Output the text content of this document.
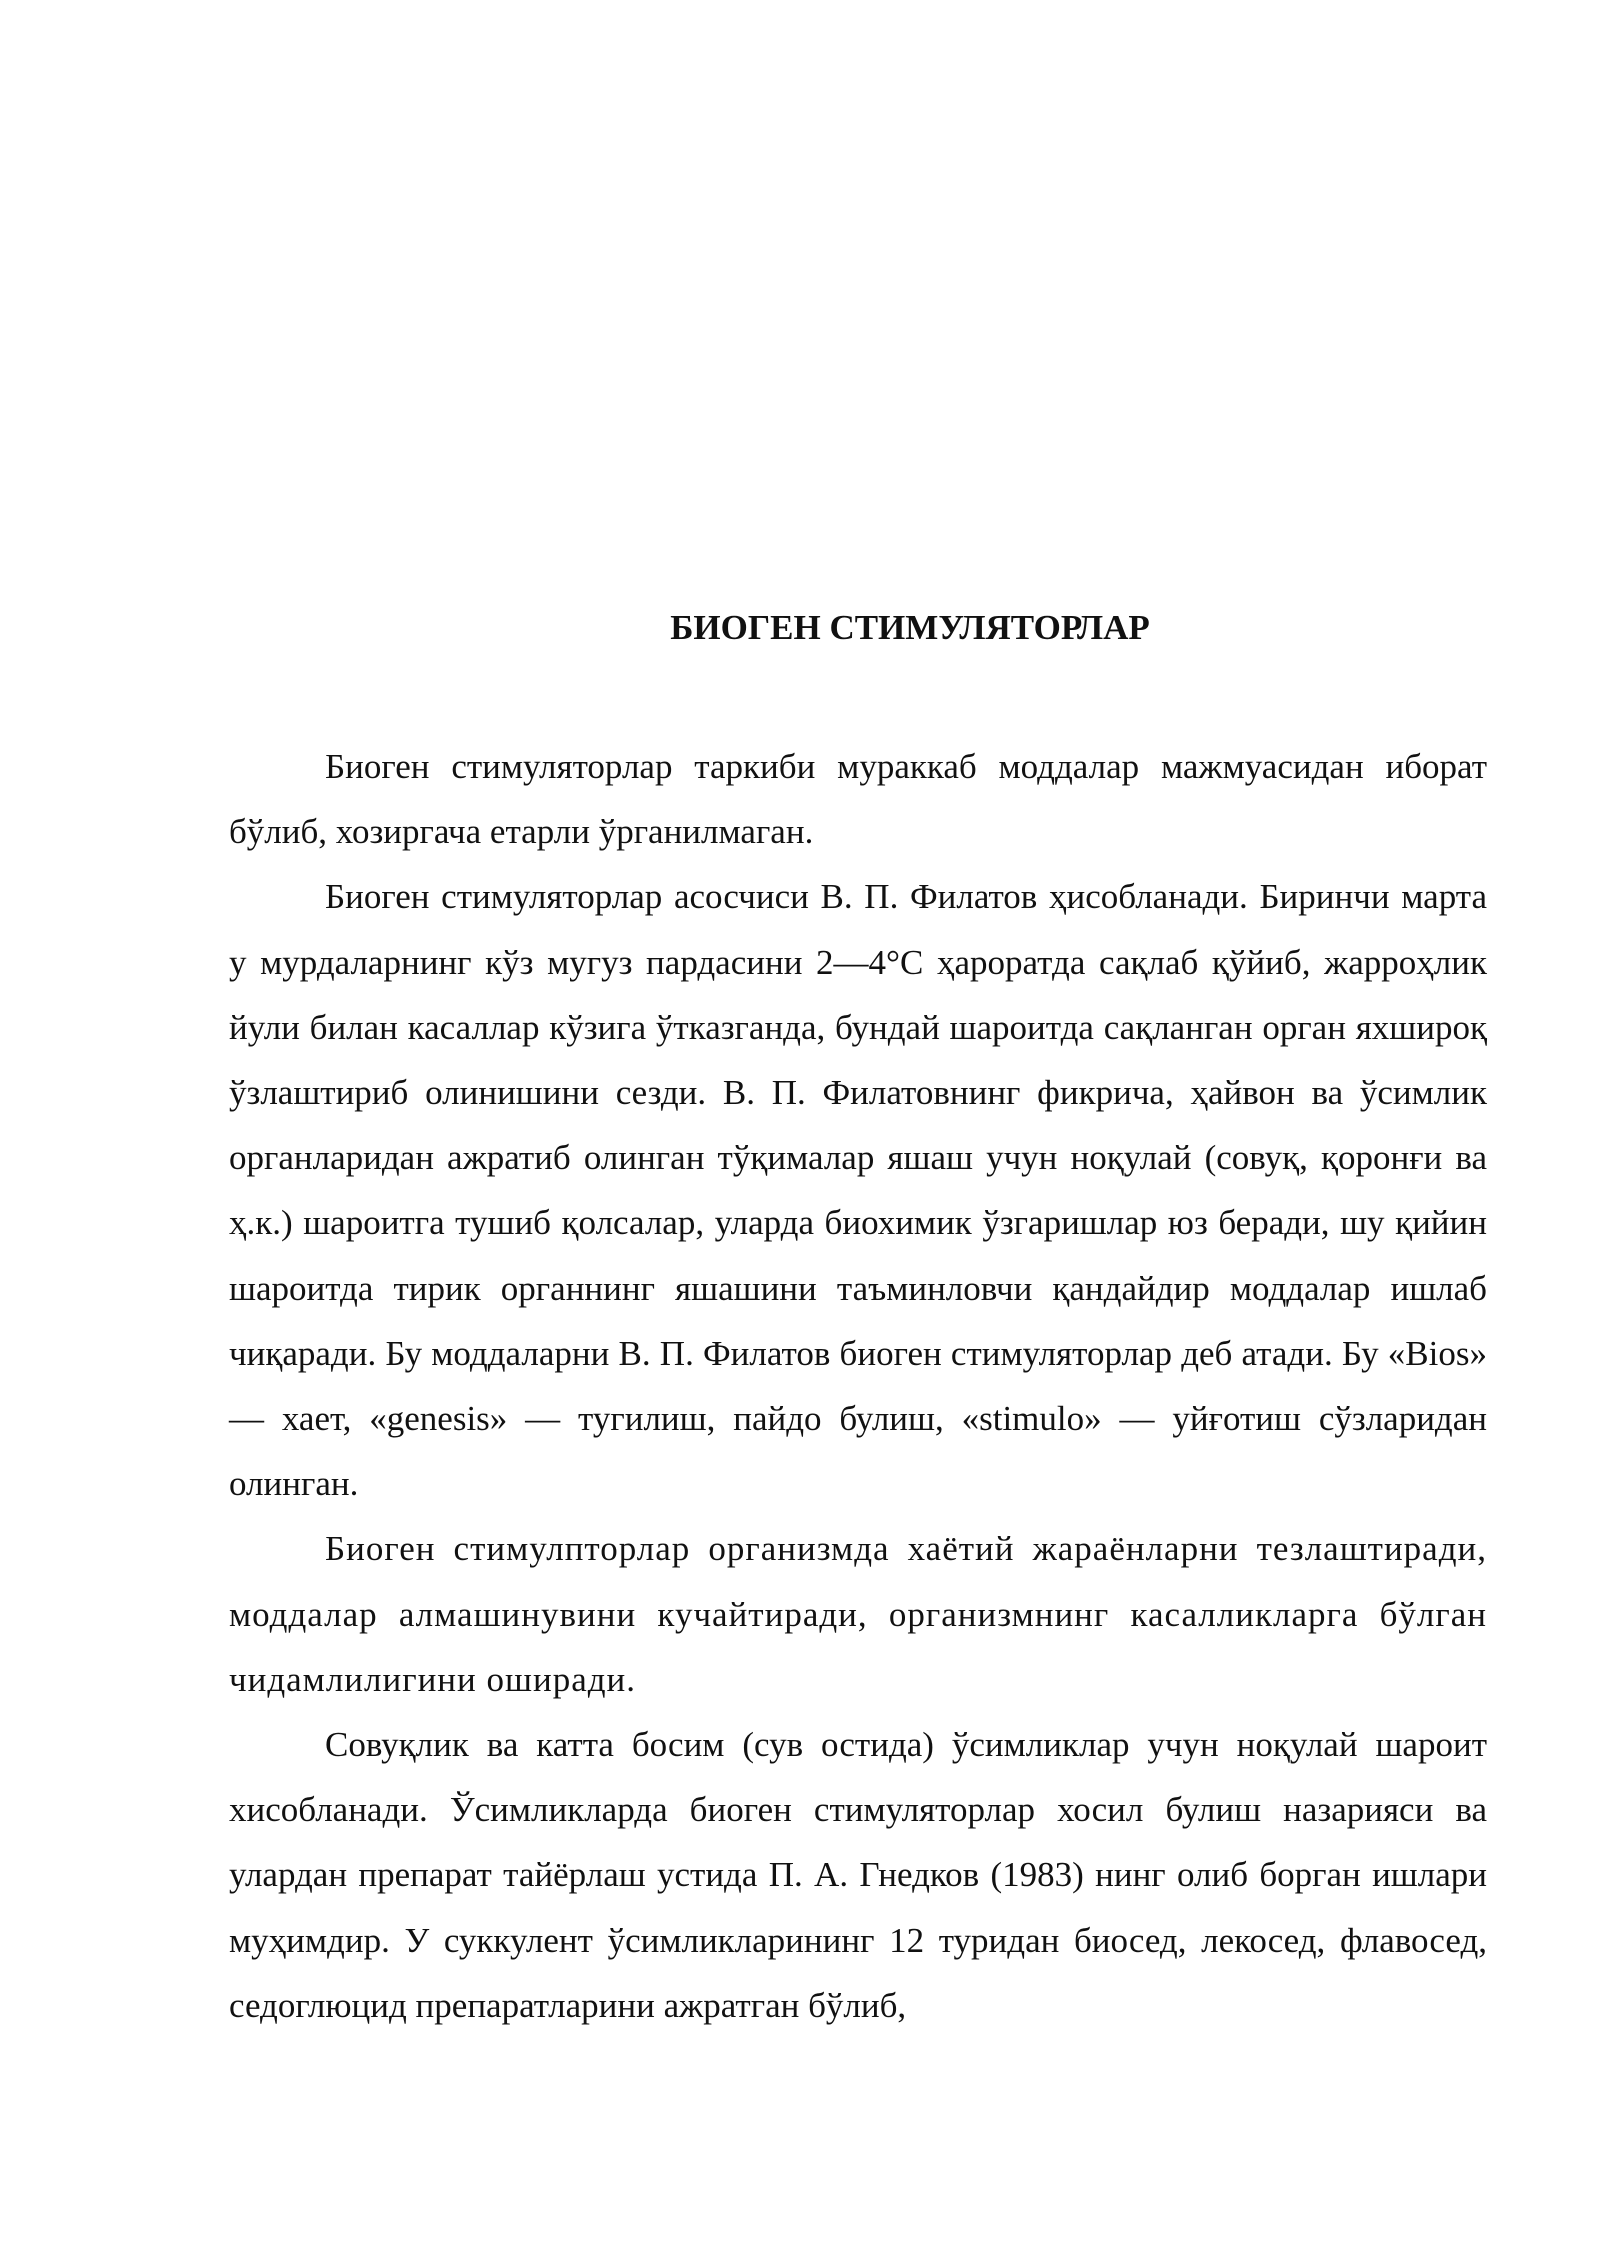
БИОГЕН СТИМУЛЯТОРЛАР

Биоген стимуляторлар таркиби мураккаб моддалар мажмуасидан иборат бўлиб, хозиргача етарли ўрганилмаган.

Биоген стимуляторлар асосчиси В. П. Филатов ҳисобланади. Биринчи марта у мурдаларнинг кўз мугуз пардасини 2—4°С ҳароратда сақлаб қўйиб, жарроҳлик йули билан касаллар кўзига ўтказганда, бундай шароитда сақланган орган яхшироқ ўзлаштириб олинишини сезди. В. П. Филатовнинг фикрича, ҳайвон ва ўсимлик органларидан ажратиб олинган тўқималар яшаш учун ноқулай (совуқ, қоронғи ва ҳ.к.) шароитга тушиб қолсалар, уларда биохимик ўзгаришлар юз беради, шу қийин шароитда тирик органнинг яшашини таъминловчи қандайдир моддалар ишлаб чиқаради. Бу моддаларни В. П. Филатов биоген стимуляторлар деб атади. Бу «Bios» — хает, «genesis» — тугилиш, пайдо булиш, «stimulo» — уйғотиш сўзларидан олинган.

Биоген стимулпторлар организмда хаётий жараёнларни тезлаштиради, моддалар алмашинувини кучайтиради, организмнинг касалликларга бўлган чидамлилигини оширади.

Совуқлик ва катта босим (сув остида) ўсимликлар учун ноқулай шароит хисобланади. Ўсимликларда биоген стимуляторлар хосил булиш назарияси ва улардан препарат тайёрлаш устида П. А. Гнедков (1983) нинг олиб борган ишлари муҳимдир. У суккулент ўсимликларининг 12 туридан биосед, лекосед, флавосед, седоглюцид препаратларини ажратган бўлиб,
